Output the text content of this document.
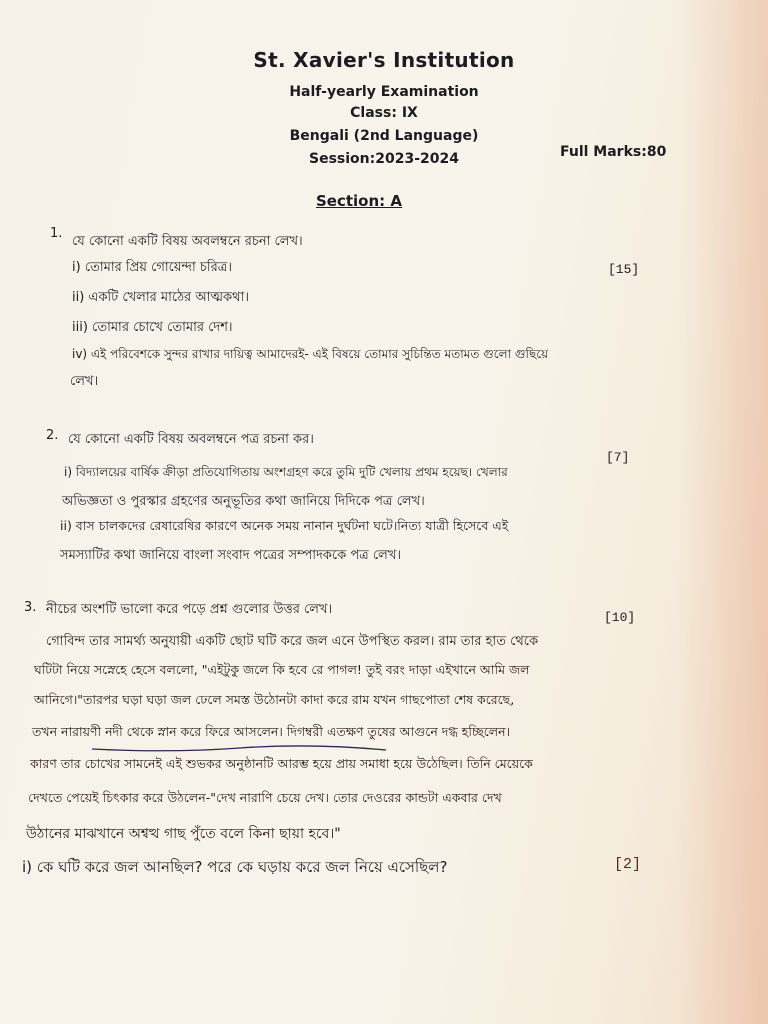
St. Xavier's Institution
Half-yearly Examination
Class: IX
Bengali (2nd Language)
Session:2023-2024	Full Marks:80
Section: A
1.
যে কোনো একটি বিষয় অবলম্বনে রচনা লেখ।
[15]
i) তোমার প্রিয় গোয়েন্দা চরিত্র।
ii) একটি খেলার মাঠের আত্মকথা।
iii) তোমার চোখে তোমার দেশ।
iv) এই পরিবেশকে সুন্দর রাখার দায়িত্ব আমাদেরই- এই বিষয়ে তোমার সুচিন্তিত মতামত গুলো গুছিয়ে
লেখ।
2. যে কোনো একটি বিষয় অবলম্বনে পত্র রচনা কর।
[7]
i) বিদ্যালয়ের বার্ষিক ক্রীড়া প্রতিযোগিতায় অংশগ্রহণ করে তুমি দুটি খেলায় প্রথম হয়েছ। খেলার
অভিজ্ঞতা ও পুরস্কার গ্রহণের অনুভূতির কথা জানিয়ে দিদিকে পত্র লেখ।
ii) বাস চালকদের রেষারেষির কারণে অনেক সময় নানান দুর্ঘটনা ঘটে।নিত্য যাত্রী হিসেবে এই
সমস্যাটির কথা জানিয়ে বাংলা সংবাদ পত্রের সম্পাদককে পত্র লেখ।
3. নীচের অংশটি ভালো করে পড়ে প্রশ্ন গুলোর উত্তর লেখ।
[10]
গোবিন্দ তার সামর্থ্য অনুযায়ী একটি ছোট ঘটি করে জল এনে উপস্থিত করল। রাম তার হাত থেকে
ঘটিটা নিয়ে সস্নেহে হেসে বললো, "এইটুকু জলে কি হবে রে পাগল! তুই বরং দাড়া এইখানে আমি জল
আনিগে।"তারপর ঘড়া ঘড়া জল ঢেলে সমস্ত উঠোনটা কাদা করে রাম যখন গাছপোতা শেষ করেছে,
তখন নারায়ণী নদী থেকে স্নান করে ফিরে আসলেন। দিগম্বরী এতক্ষণ তুষের আগুনে দগ্ধ হচ্ছিলেন।
কারণ তার চোখের সামনেই এই শুভকর অনুষ্ঠানটি আরম্ভ হয়ে প্রায় সমাধা হয়ে উঠেছিল। তিনি মেয়েকে
দেখতে পেয়েই চিৎকার করে উঠলেন-"দেখ নারাণি চেয়ে দেখ। তোর দেওরের কান্ডটা একবার দেখ
উঠানের মাঝখানে অশ্বত্থ গাছ পুঁতে বলে কিনা ছায়া হবে।"
i) কে ঘটি করে জল আনছিল? পরে কে ঘড়ায় করে জল নিয়ে এসেছিল?	[2]
